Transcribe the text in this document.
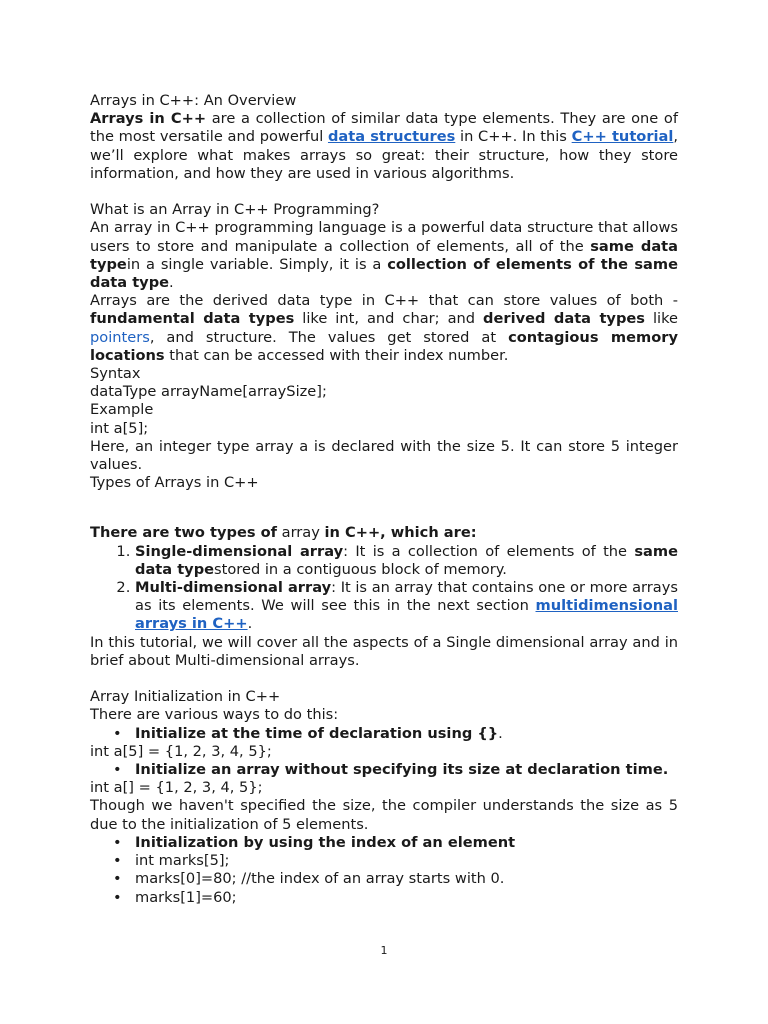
Arrays in C++: An Overview

Arrays in C++ are a collection of similar data type elements. They are one of the most versatile and powerful data structures in C++. In this C++ tutorial, we’ll explore what makes arrays so great: their structure, how they store information, and how they are used in various algorithms.

What is an Array in C++ Programming?

An array in C++ programming language is a powerful data structure that allows users to store and manipulate a collection of elements, all of the same data typein a single variable. Simply, it is a collection of elements of the same data type.

Arrays are the derived data type in C++ that can store values of both - fundamental data types like int, and char; and derived data types like pointers, and structure. The values get stored at contagious memory locations that can be accessed with their index number.

Syntax

dataType arrayName[arraySize];

Example

int a[5];

Here, an integer type array a is declared with the size 5. It can store 5 integer values.

Types of Arrays in C++

There are two types of array in C++, which are:

1. Single-dimensional array: It is a collection of elements of the same data typestored in a contiguous block of memory.
2. Multi-dimensional array: It is an array that contains one or more arrays as its elements. We will see this in the next section multidimensional arrays in C++.

In this tutorial, we will cover all the aspects of a Single dimensional array and in brief about Multi-dimensional arrays.

Array Initialization in C++

There are various ways to do this:

• Initialize at the time of declaration using {}.

int a[5] = {1, 2, 3, 4, 5};

• Initialize an array without specifying its size at declaration time.

int a[] = {1, 2, 3, 4, 5};

Though we haven't specified the size, the compiler understands the size as 5 due to the initialization of 5 elements.

• Initialization by using the index of an element
• int marks[5];
• marks[0]=80; //the index of an array starts with 0.
• marks[1]=60;
1
